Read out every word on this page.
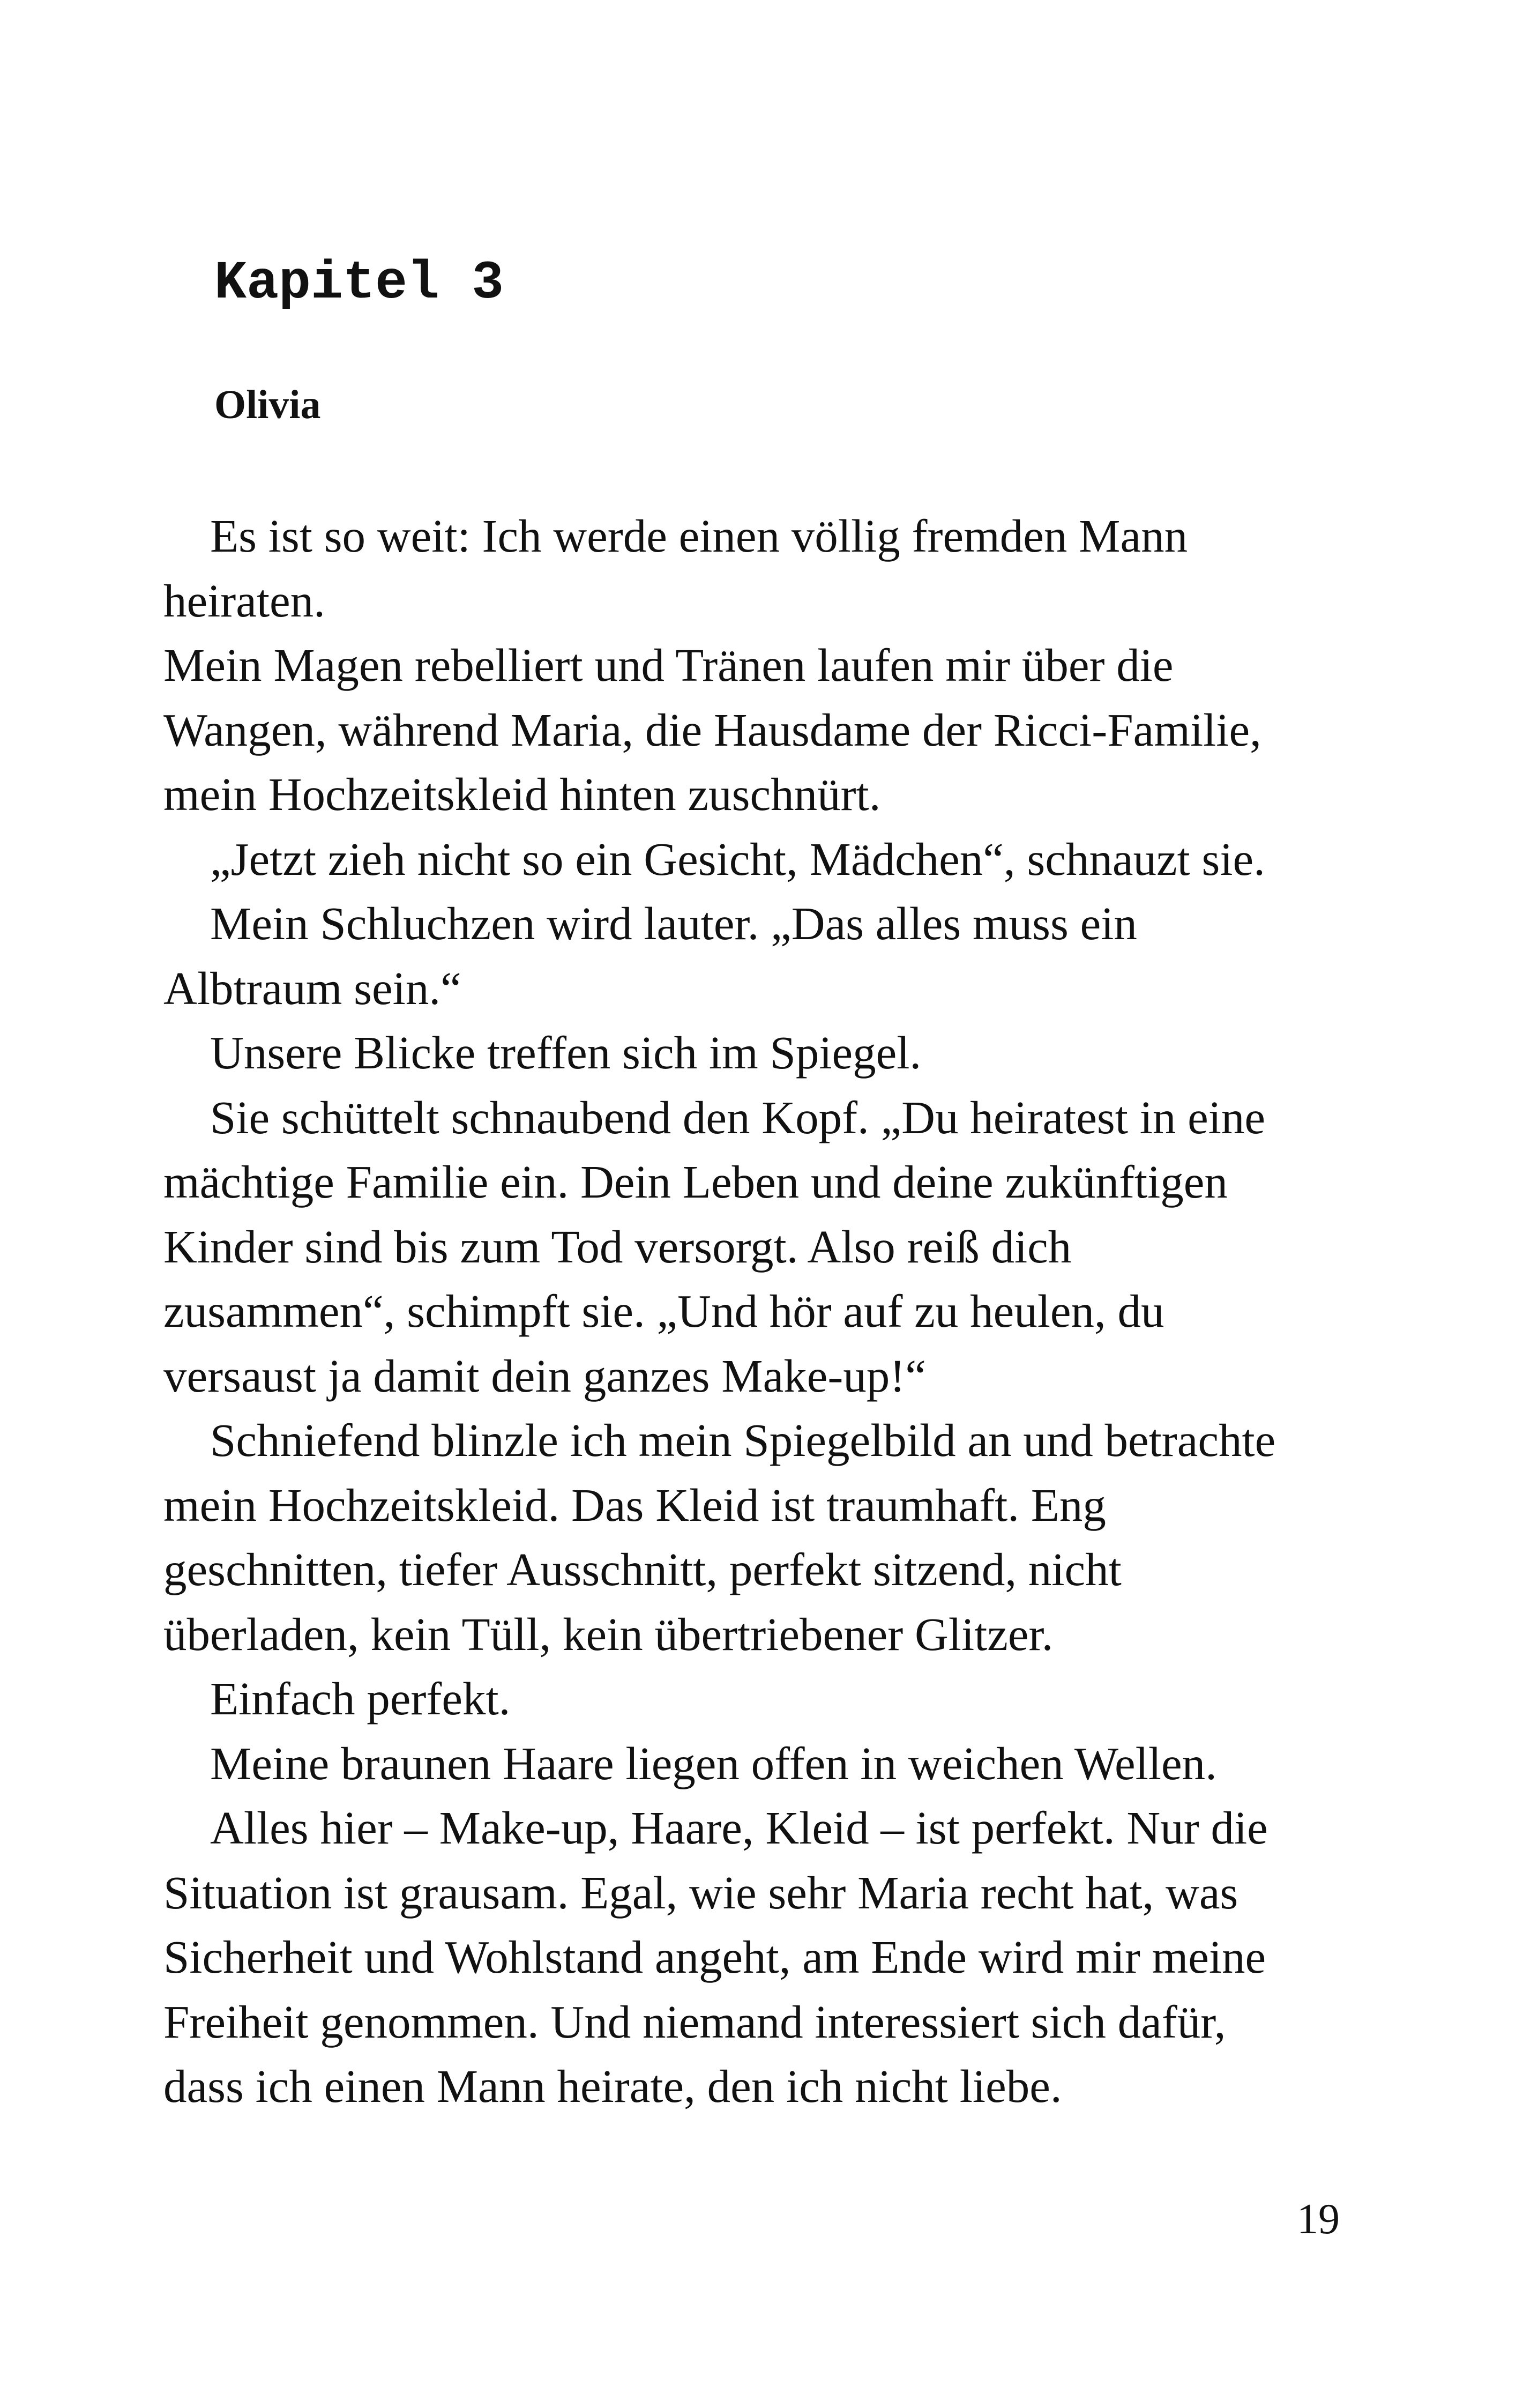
Kapitel 3
Olivia
 Es ist so weit: Ich werde einen völlig fremden Mann
heiraten.
Mein Magen rebelliert und Tränen laufen mir über die
Wangen, während Maria, die Hausdame der Ricci-Familie,
mein Hochzeitskleid hinten zuschnürt.
 „Jetzt zieh nicht so ein Gesicht, Mädchen“, schnauzt sie.
 Mein Schluchzen wird lauter. „Das alles muss ein
Albtraum sein.“
 Unsere Blicke treffen sich im Spiegel.
 Sie schüttelt schnaubend den Kopf. „Du heiratest in eine
mächtige Familie ein. Dein Leben und deine zukünftigen
Kinder sind bis zum Tod versorgt. Also reiß dich
zusammen“, schimpft sie. „Und hör auf zu heulen, du
versaust ja damit dein ganzes Make-up!“
 Schniefend blinzle ich mein Spiegelbild an und betrachte
mein Hochzeitskleid. Das Kleid ist traumhaft. Eng
geschnitten, tiefer Ausschnitt, perfekt sitzend, nicht
überladen, kein Tüll, kein übertriebener Glitzer.
 Einfach perfekt.
 Meine braunen Haare liegen offen in weichen Wellen.
 Alles hier – Make-up, Haare, Kleid – ist perfekt. Nur die
Situation ist grausam. Egal, wie sehr Maria recht hat, was
Sicherheit und Wohlstand angeht, am Ende wird mir meine
Freiheit genommen. Und niemand interessiert sich dafür,
dass ich einen Mann heirate, den ich nicht liebe.
19
